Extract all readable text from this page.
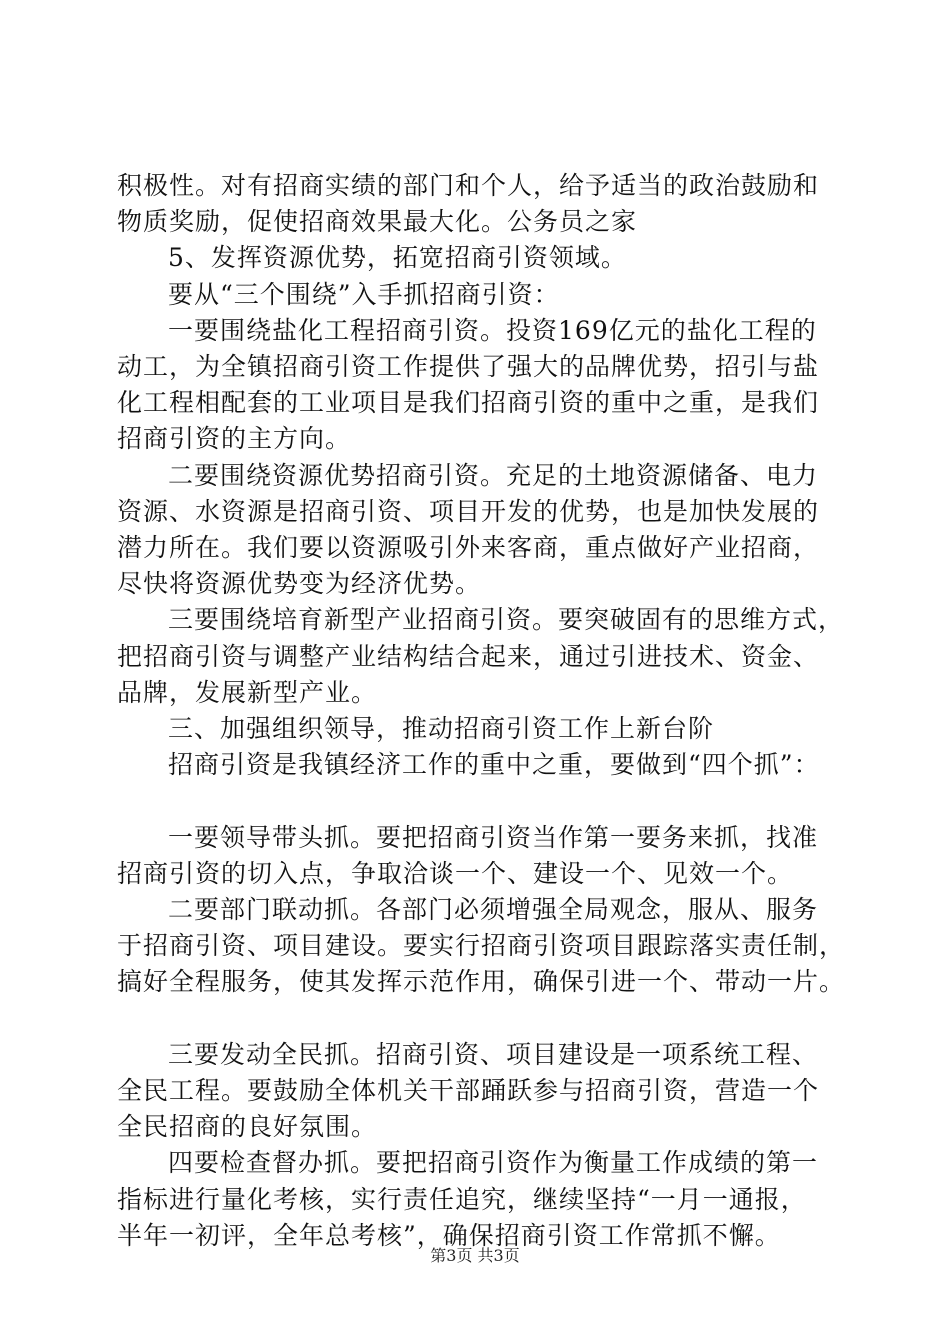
积极性。对有招商实绩的部门和个人，给予适当的政治鼓励和
物质奖励，促使招商效果最大化。公务员之家
5、发挥资源优势，拓宽招商引资领域。
要从“三个围绕”入手抓招商引资：
一要围绕盐化工程招商引资。投资169亿元的盐化工程的
动工，为全镇招商引资工作提供了强大的品牌优势，招引与盐
化工程相配套的工业项目是我们招商引资的重中之重，是我们
招商引资的主方向。
二要围绕资源优势招商引资。充足的土地资源储备、电力
资源、水资源是招商引资、项目开发的优势，也是加快发展的
潜力所在。我们要以资源吸引外来客商，重点做好产业招商，
尽快将资源优势变为经济优势。
三要围绕培育新型产业招商引资。要突破固有的思维方式，
把招商引资与调整产业结构结合起来，通过引进技术、资金、
品牌，发展新型产业。
三、加强组织领导，推动招商引资工作上新台阶
招商引资是我镇经济工作的重中之重，要做到“四个抓”：
一要领导带头抓。要把招商引资当作第一要务来抓，找准
招商引资的切入点，争取洽谈一个、建设一个、见效一个。
二要部门联动抓。各部门必须增强全局观念，服从、服务
于招商引资、项目建设。要实行招商引资项目跟踪落实责任制，
搞好全程服务，使其发挥示范作用，确保引进一个、带动一片。
三要发动全民抓。招商引资、项目建设是一项系统工程、
全民工程。要鼓励全体机关干部踊跃参与招商引资，营造一个
全民招商的良好氛围。
四要检查督办抓。要把招商引资作为衡量工作成绩的第一
指标进行量化考核，实行责任追究，继续坚持“一月一通报，
半年一初评，全年总考核”，确保招商引资工作常抓不懈。
第3页 共3页
